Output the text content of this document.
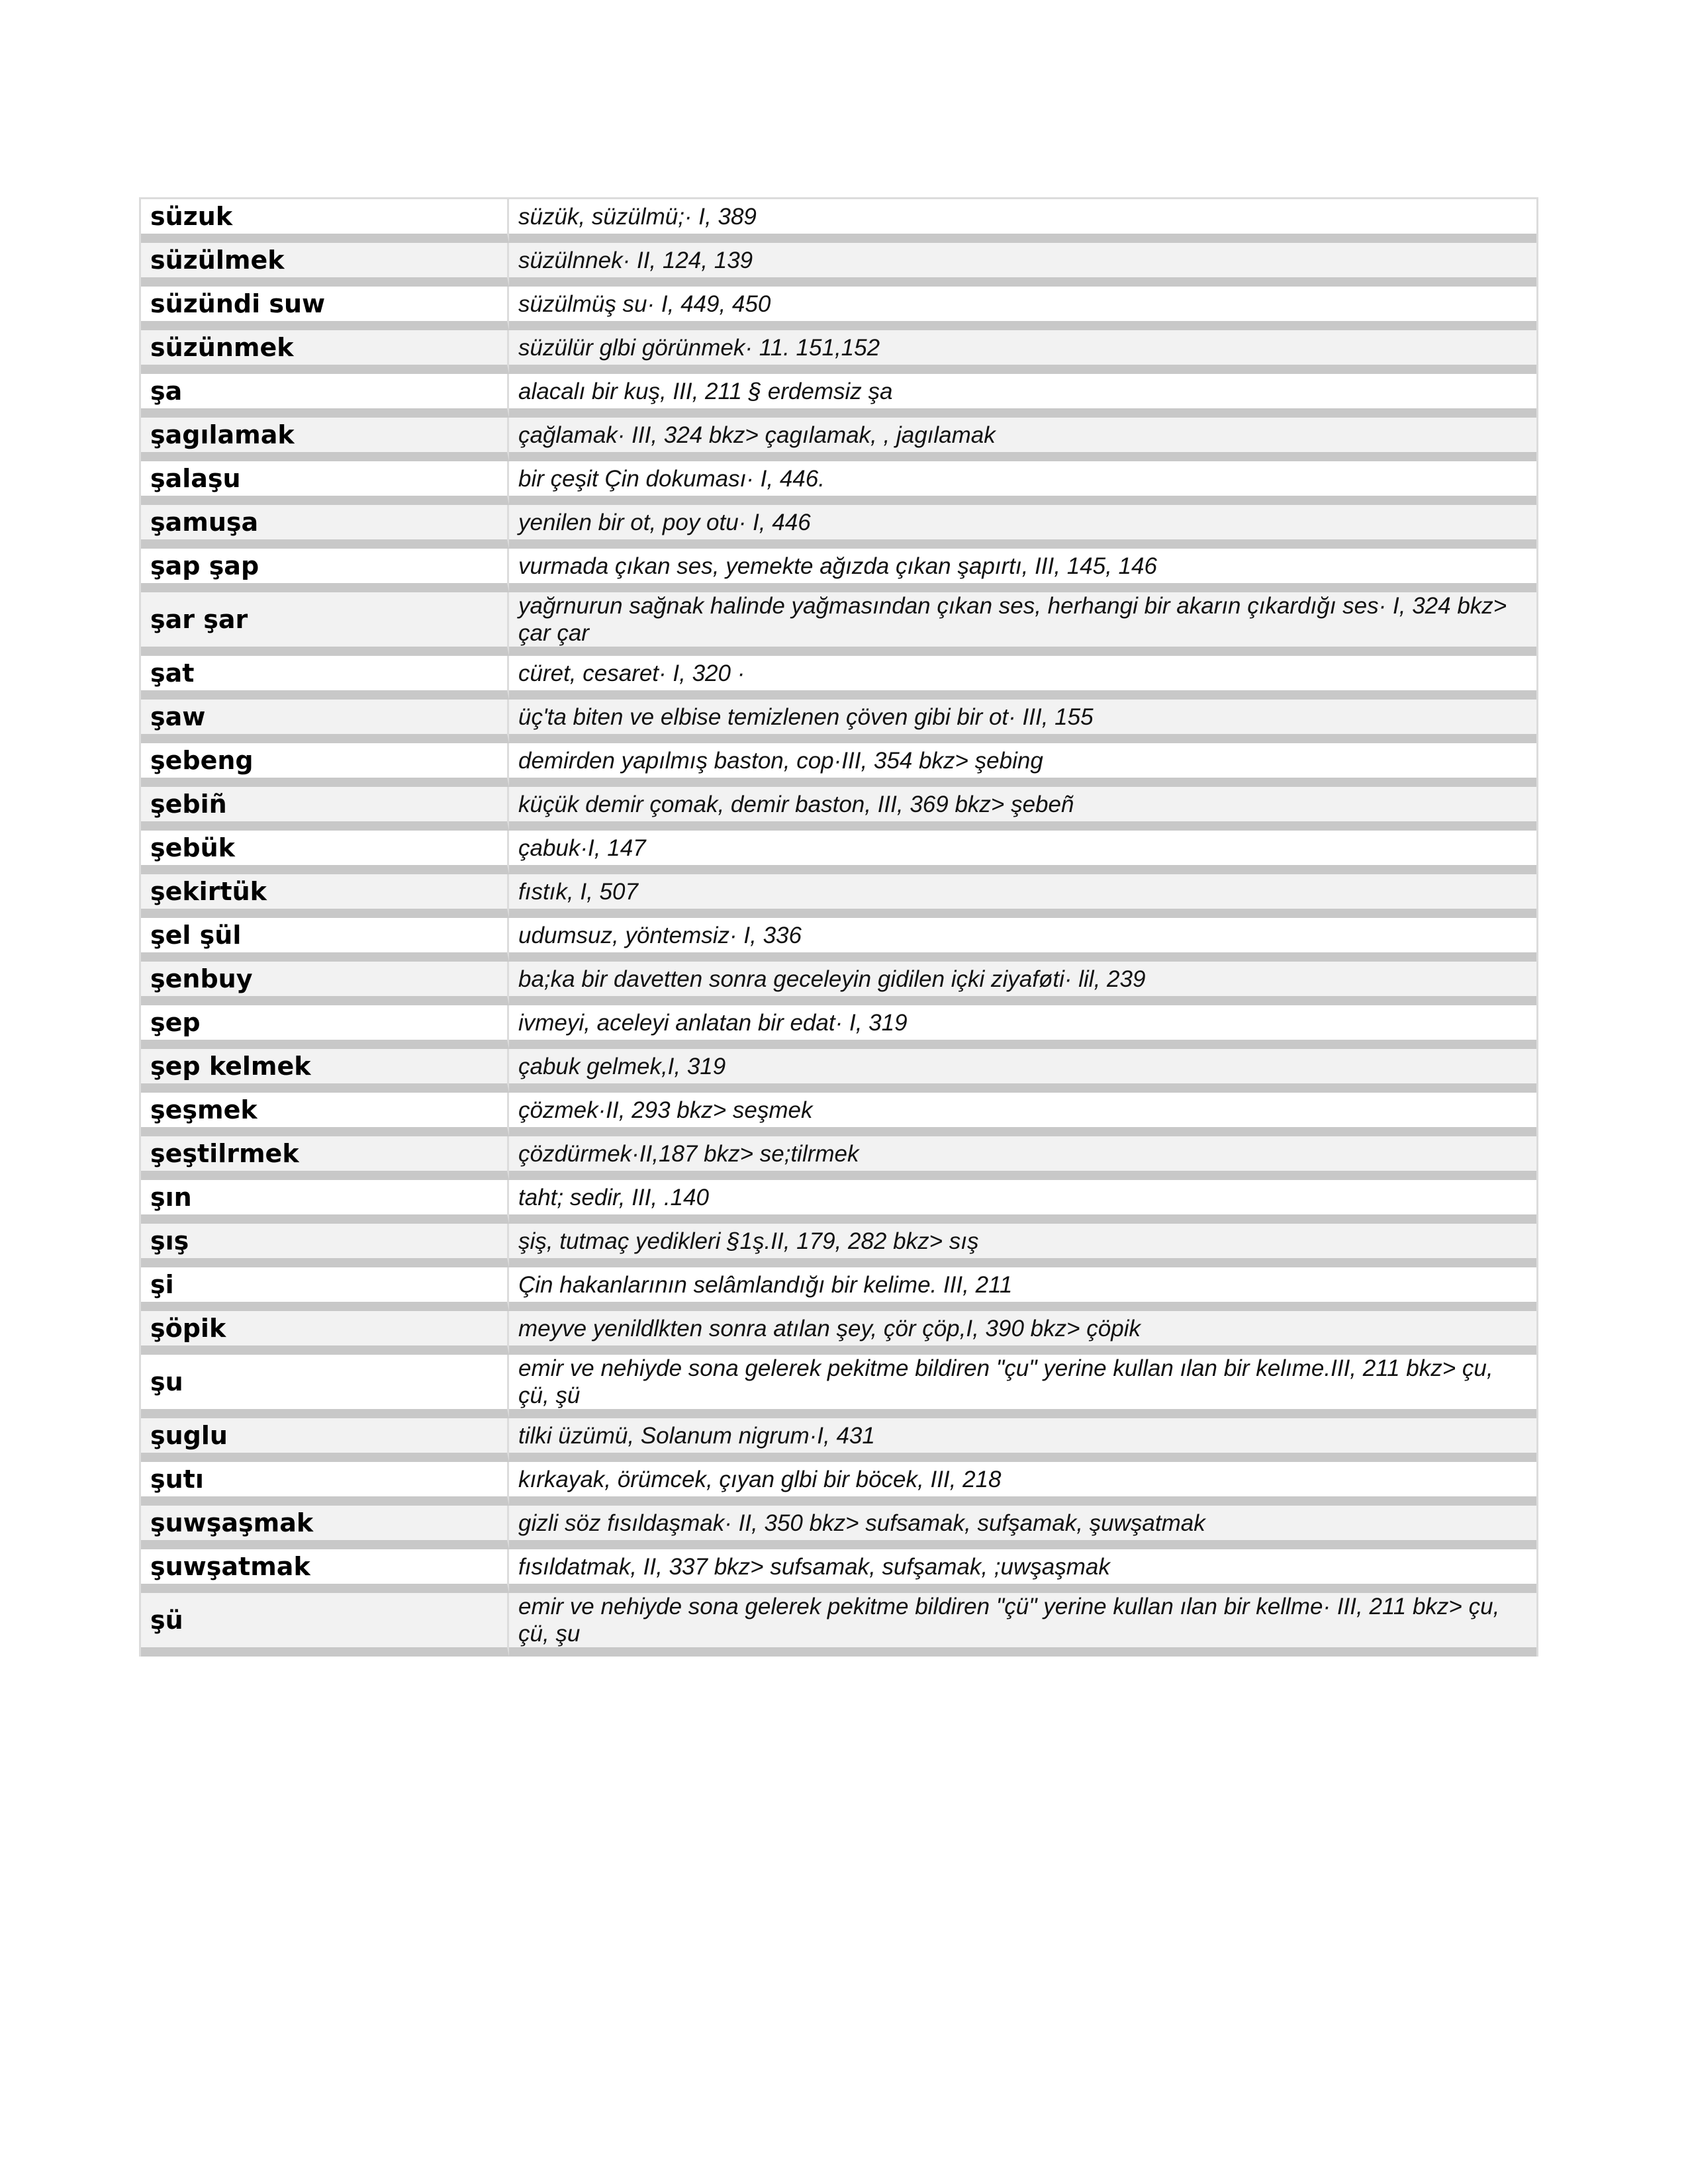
süzuk	süzük, süzülmü;· I, 389
süzülmek	süzülnnek· II, 124, 139
süzündi suw	süzülmüş su· I, 449, 450
süzünmek	süzülür glbi görünmek· 11. 151,152
şa	alacalı bir kuş, III, 211 § erdemsiz şa
şagılamak	çağlamak· III, 324 bkz> çagılamak, , jagılamak
şalaşu	bir çeşit Çin dokuması· I, 446.
şamuşa	yenilen bir ot, poy otu· I, 446
şap şap	vurmada çıkan ses, yemekte ağızda çıkan şapırtı, III, 145, 146
şar şar	yağrnurun sağnak halinde yağmasından çıkan ses, herhangi bir akarın çıkardığı ses· I, 324 bkz> çar çar
şat	cüret, cesaret· I, 320 ·
şaw	üç'ta biten ve elbise temizlenen çöven gibi bir ot· III, 155
şebeng	demirden yapılmış baston, cop·III, 354 bkz> şebing
şebiñ	küçük demir çomak, demir baston, III, 369 bkz> şebeñ
şebük	çabuk·I, 147
şekirtük	fıstık, I, 507
şel şül	udumsuz, yöntemsiz· I, 336
şenbuy	ba;ka bir davetten sonra geceleyin gidilen içki ziyaføti· lil, 239
şep	ivmeyi, aceleyi anlatan bir edat· I, 319
şep kelmek	çabuk gelmek,I, 319
şeşmek	çözmek·II, 293 bkz> seşmek
şeştilrmek	çözdürmek·II,187 bkz> se;tilrmek
şın	taht; sedir, III, .140
şış	şiş, tutmaç yedikleri §1ş.II, 179, 282 bkz> sış
şi	Çin hakanlarının selâmlandığı bir kelime. III, 211
şöpik	meyve yenildlkten sonra atılan şey, çör çöp,I, 390 bkz> çöpik
şu	emir ve nehiyde sona gelerek pekitme bildiren "çu" yerine kullan ılan bir kelıme.III, 211 bkz> çu, çü, şü
şuglu	tilki üzümü, Solanum nigrum·I, 431
şutı	kırkayak, örümcek, çıyan glbi bir böcek, III, 218
şuwşaşmak	gizli söz fısıldaşmak· II, 350 bkz> sufsamak, sufşamak, şuwşatmak
şuwşatmak	fısıldatmak, II, 337 bkz> sufsamak, sufşamak, ;uwşaşmak
şü	emir ve nehiyde sona gelerek pekitme bildiren "çü" yerine kullan ılan bir kellme· III, 211 bkz> çu, çü, şu
